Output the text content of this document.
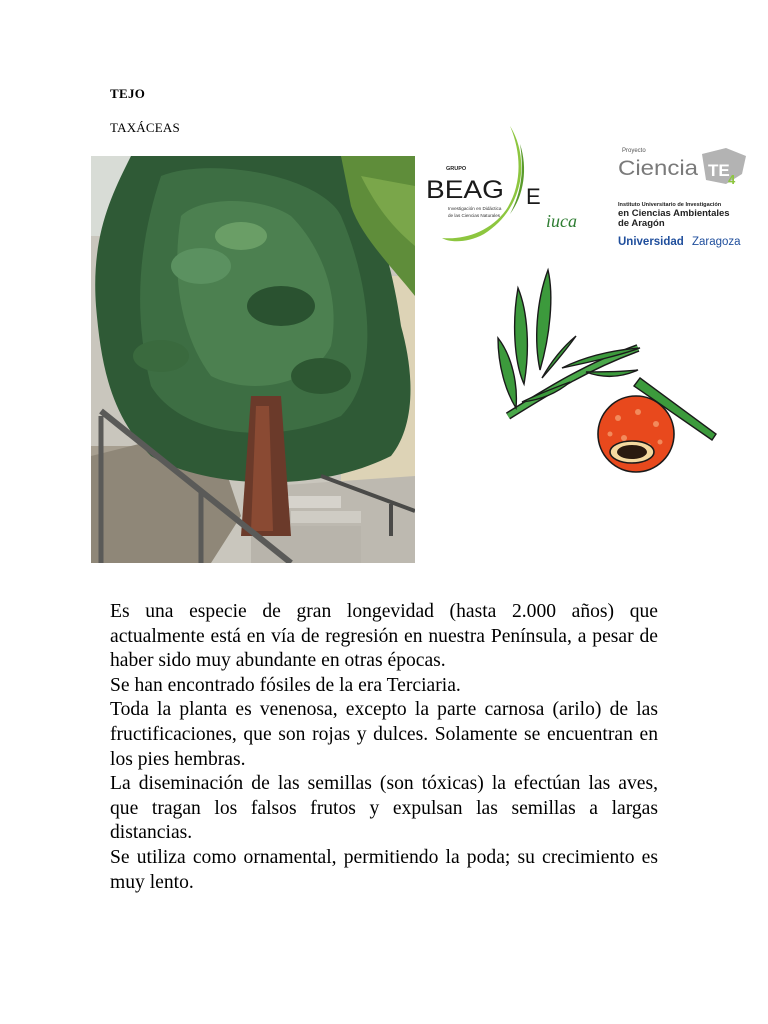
TEJO
TAXÁCEAS
GRUPO
BEAG E
Investigación en Didáctica
de las Ciencias Naturales	iuca
Proyecto
Ciencia TE
4
Instituto Universitario de Investigación
en Ciencias Ambientales
de Aragón
Universidad Zaragoza

Es una especie de gran longevidad (hasta 2.000 años) que actualmente está en vía de regresión en nuestra Península, a pesar de haber sido muy abundante en otras épocas.

Se han encontrado fósiles de la era Terciaria.

Toda la planta es venenosa, excepto la parte carnosa (arilo) de las fructificaciones, que son rojas y dulces. Solamente se encuentran en los pies hembras.

La diseminación de las semillas (son tóxicas) la efectúan las aves, que tragan los falsos frutos y expulsan las semillas a largas distancias.

Se utiliza como ornamental, permitiendo la poda; su crecimiento es muy lento.
